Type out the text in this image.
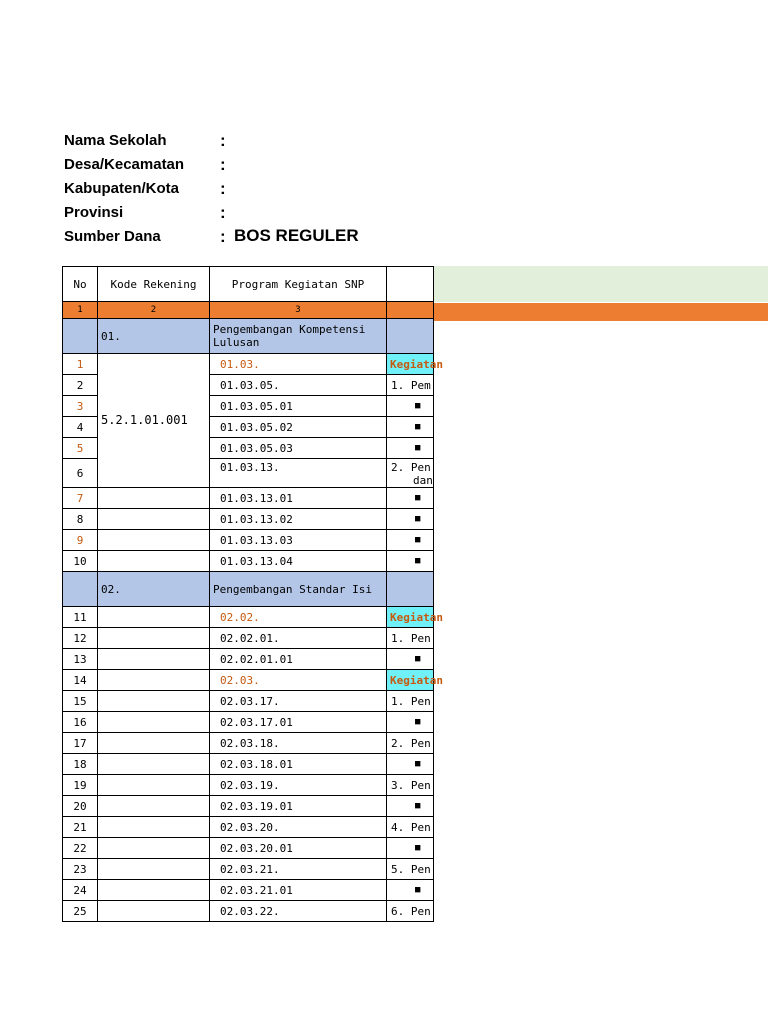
Nama Sekolah	:
Desa/Kecamatan :
Kabupaten/Kota :
Provinsi	:
Sumber Dana	: BOS REGULER
No	Kode Rekening	Program Kegiatan SNP	
1	2	3	
	01.	Pengembangan Kompetensi Lulusan	
1	5.2.1.01.001	01.03.	Kegiatan
2		01.03.05.	1. Pem
3		01.03.05.01	■
4		01.03.05.02	■
5		01.03.05.03	■
6		01.03.13.	2. Pen
dan

7		01.03.13.01	■
8		01.03.13.02	■
9		01.03.13.03	■
10		01.03.13.04	■
	02.	Pengembangan Standar Isi	
11		02.02.	Kegiatan
12		02.02.01.	1. Pen
13		02.02.01.01	■
14		02.03.	Kegiatan
15		02.03.17.	1. Pen
16		02.03.17.01	■
17		02.03.18.	2. Pen
18		02.03.18.01	■
19		02.03.19.	3. Pen
20		02.03.19.01	■
21		02.03.20.	4. Pen
22		02.03.20.01	■
23		02.03.21.	5. Pen
24		02.03.21.01	■
25		02.03.22.	6. Pen
